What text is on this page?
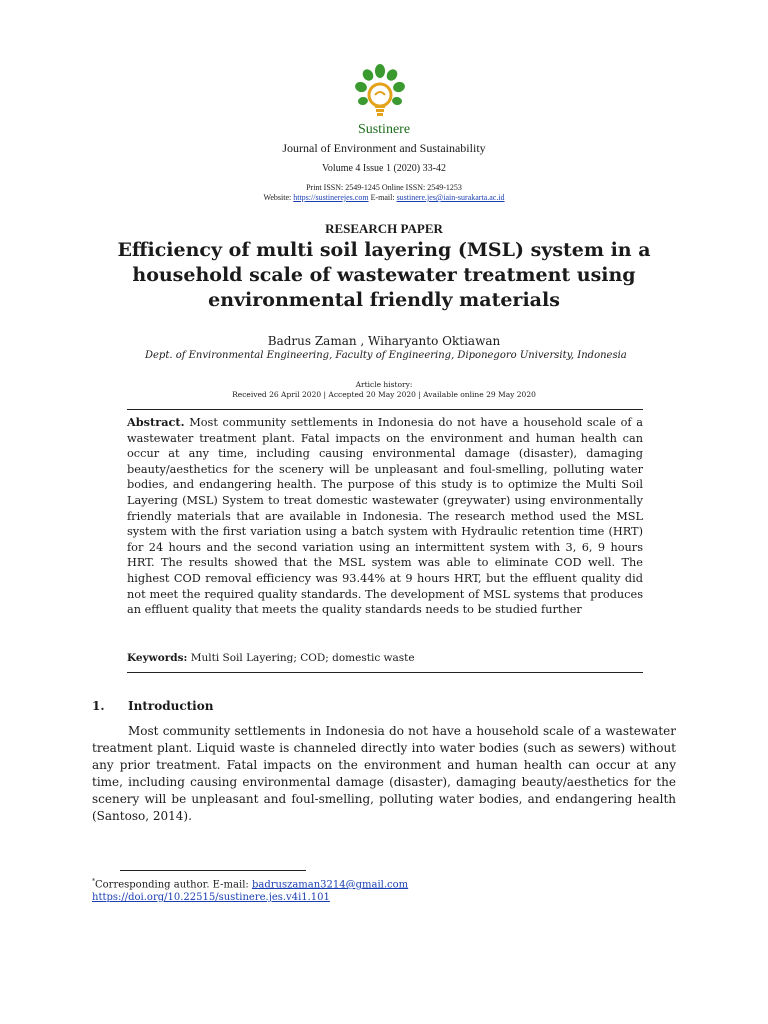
Sustinere
Journal of Environment and Sustainability
Volume 4 Issue 1 (2020) 33-42
Print ISSN: 2549-1245 Online ISSN: 2549-1253
Website: https://sustinerejes.com E-mail: sustinere.jes@iain-surakarta.ac.id
RESEARCH PAPER
Efficiency of multi soil layering (MSL) system in a household scale of wastewater treatment using environmental friendly materials
Badrus Zaman , Wiharyanto Oktiawan
Dept. of Environmental Engineering, Faculty of Engineering, Diponegoro University, Indonesia
Article history:
Received 26 April 2020 | Accepted 20 May 2020 | Available online 29 May 2020
Abstract. Most community settlements in Indonesia do not have a household scale of a wastewater treatment plant. Fatal impacts on the environment and human health can occur at any time, including causing environmental damage (disaster), damaging beauty/aesthetics for the scenery will be unpleasant and foul-smelling, polluting water bodies, and endangering health. The purpose of this study is to optimize the Multi Soil Layering (MSL) System to treat domestic wastewater (greywater) using environmentally friendly materials that are available in Indonesia. The research method used the MSL system with the first variation using a batch system with Hydraulic retention time (HRT) for 24 hours and the second variation using an intermittent system with 3, 6, 9 hours HRT. The results showed that the MSL system was able to eliminate COD well. The highest COD removal efficiency was 93.44% at 9 hours HRT, but the effluent quality did not meet the required quality standards. The development of MSL systems that produces an effluent quality that meets the quality standards needs to be studied further
Keywords: Multi Soil Layering; COD; domestic waste
1. Introduction
Most community settlements in Indonesia do not have a household scale of a wastewater treatment plant. Liquid waste is channeled directly into water bodies (such as sewers) without any prior treatment. Fatal impacts on the environment and human health can occur at any time, including causing environmental damage (disaster), damaging beauty/aesthetics for the scenery will be unpleasant and foul-smelling, polluting water bodies, and endangering health (Santoso, 2014).
*Corresponding author. E-mail: badruszaman3214@gmail.com
https://doi.org/10.22515/sustinere.jes.v4i1.101
